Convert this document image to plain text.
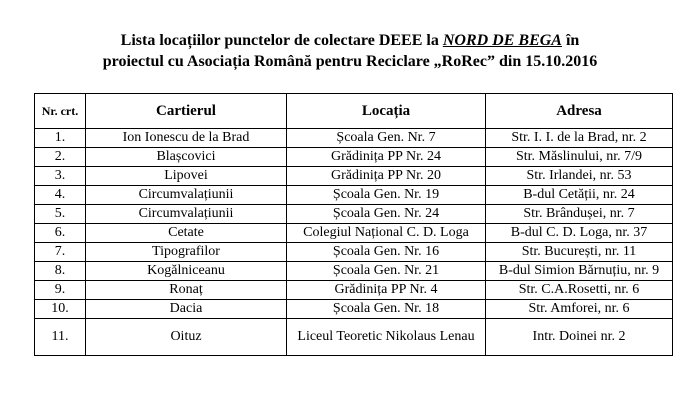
Lista locațiilor punctelor de colectare DEEE la NORD DE BEGA în
proiectul cu Asociația Română pentru Reciclare „RoRec” din 15.10.2016
Nr. crt.	Cartierul	Locația	Adresa
1.	Ion Ionescu de la Brad	Școala Gen. Nr. 7	Str. I. I. de la Brad, nr. 2
2.	Blașcovici	Grădinița PP Nr. 24	Str. Măslinului, nr. 7/9
3.	Lipovei	Grădinița PP Nr. 20	Str. Irlandei, nr. 53
4.	Circumvalațiunii	Școala Gen. Nr. 19	B-dul Cetății, nr. 24
5.	Circumvalațiunii	Școala Gen. Nr. 24	Str. Brândușei, nr. 7
6.	Cetate	Colegiul Național C. D. Loga	B-dul C. D. Loga, nr. 37
7.	Tipografilor	Școala Gen. Nr. 16	Str. București, nr. 11
8.	Kogălniceanu	Școala Gen. Nr. 21	B-dul Simion Bărnuțiu, nr. 9
9.	Ronaț	Grădinița PP Nr. 4	Str. C.A.Rosetti, nr. 6
10.	Dacia	Școala Gen. Nr. 18	Str. Amforei, nr. 6
11.	Oituz	Liceul Teoretic Nikolaus Lenau	Intr. Doinei nr. 2
